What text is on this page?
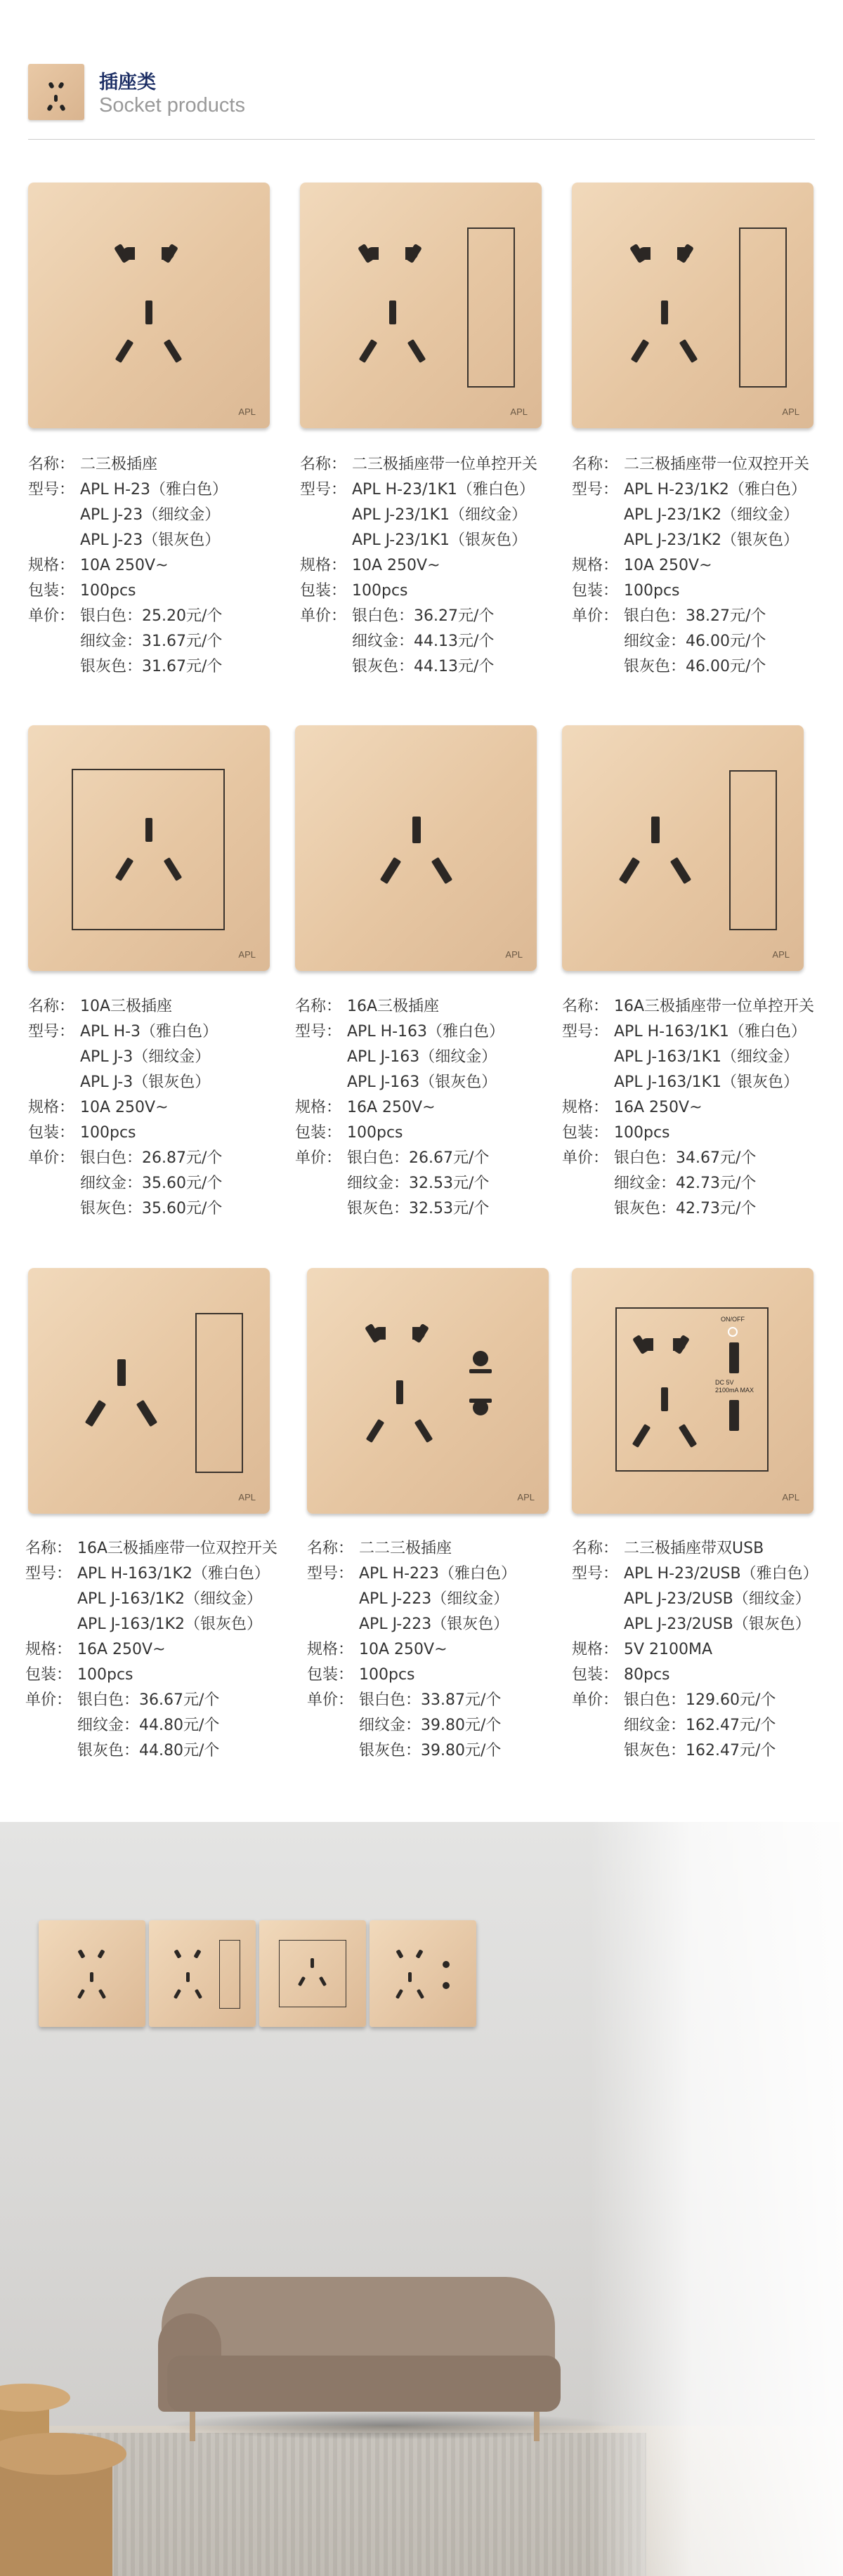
插座类
Socket products
APL	APL	APL
名称： 二三极插座
型号： APL H-23（雅白色）
APL J-23（细纹金）
APL J-23（银灰色）
规格： 10A 250V~
包装： 100pcs
单价： 银白色：25.20元/个
细纹金：31.67元/个
银灰色：31.67元/个
名称： 二三极插座带一位单控开关
型号： APL H-23/1K1（雅白色）
APL J-23/1K1（细纹金）
APL J-23/1K1（银灰色）
规格： 10A 250V~
包装： 100pcs
单价： 银白色：36.27元/个
细纹金：44.13元/个
银灰色：44.13元/个
名称： 二三极插座带一位双控开关
型号： APL H-23/1K2（雅白色）
APL J-23/1K2（细纹金）
APL J-23/1K2（银灰色）
规格： 10A 250V~
包装： 100pcs
单价： 银白色：38.27元/个
细纹金：46.00元/个
银灰色：46.00元/个
APL	APL	APL
名称： 10A三极插座
型号： APL H-3（雅白色）
APL J-3（细纹金）
APL J-3（银灰色）
规格： 10A 250V~
包装： 100pcs
单价： 银白色：26.87元/个
细纹金：35.60元/个
银灰色：35.60元/个
名称： 16A三极插座
型号： APL H-163（雅白色）
APL J-163（细纹金）
APL J-163（银灰色）
规格： 16A 250V~
包装： 100pcs
单价： 银白色：26.67元/个
细纹金：32.53元/个
银灰色：32.53元/个
名称： 16A三极插座带一位单控开关
型号： APL H-163/1K1（雅白色）
APL J-163/1K1（细纹金）
APL J-163/1K1（银灰色）
规格： 16A 250V~
包装： 100pcs
单价： 银白色：34.67元/个
细纹金：42.73元/个
银灰色：42.73元/个
APL	APL
ON/OFF
DC 5V 2100mA MAX
APL
名称： 16A三极插座带一位双控开关
型号： APL H-163/1K2（雅白色）
APL J-163/1K2（细纹金）
APL J-163/1K2（银灰色）
规格： 16A 250V~
包装： 100pcs
单价： 银白色：36.67元/个
细纹金：44.80元/个
银灰色：44.80元/个
名称： 二二三极插座
型号： APL H-223（雅白色）
APL J-223（细纹金）
APL J-223（银灰色）
规格： 10A 250V~
包装： 100pcs
单价： 银白色：33.87元/个
细纹金：39.80元/个
银灰色：39.80元/个
名称： 二三极插座带双USB
型号： APL H-23/2USB（雅白色）
APL J-23/2USB（细纹金）
APL J-23/2USB（银灰色）
规格： 5V 2100MA
包装： 80pcs
单价： 银白色：129.60元/个
细纹金：162.47元/个
银灰色：162.47元/个
